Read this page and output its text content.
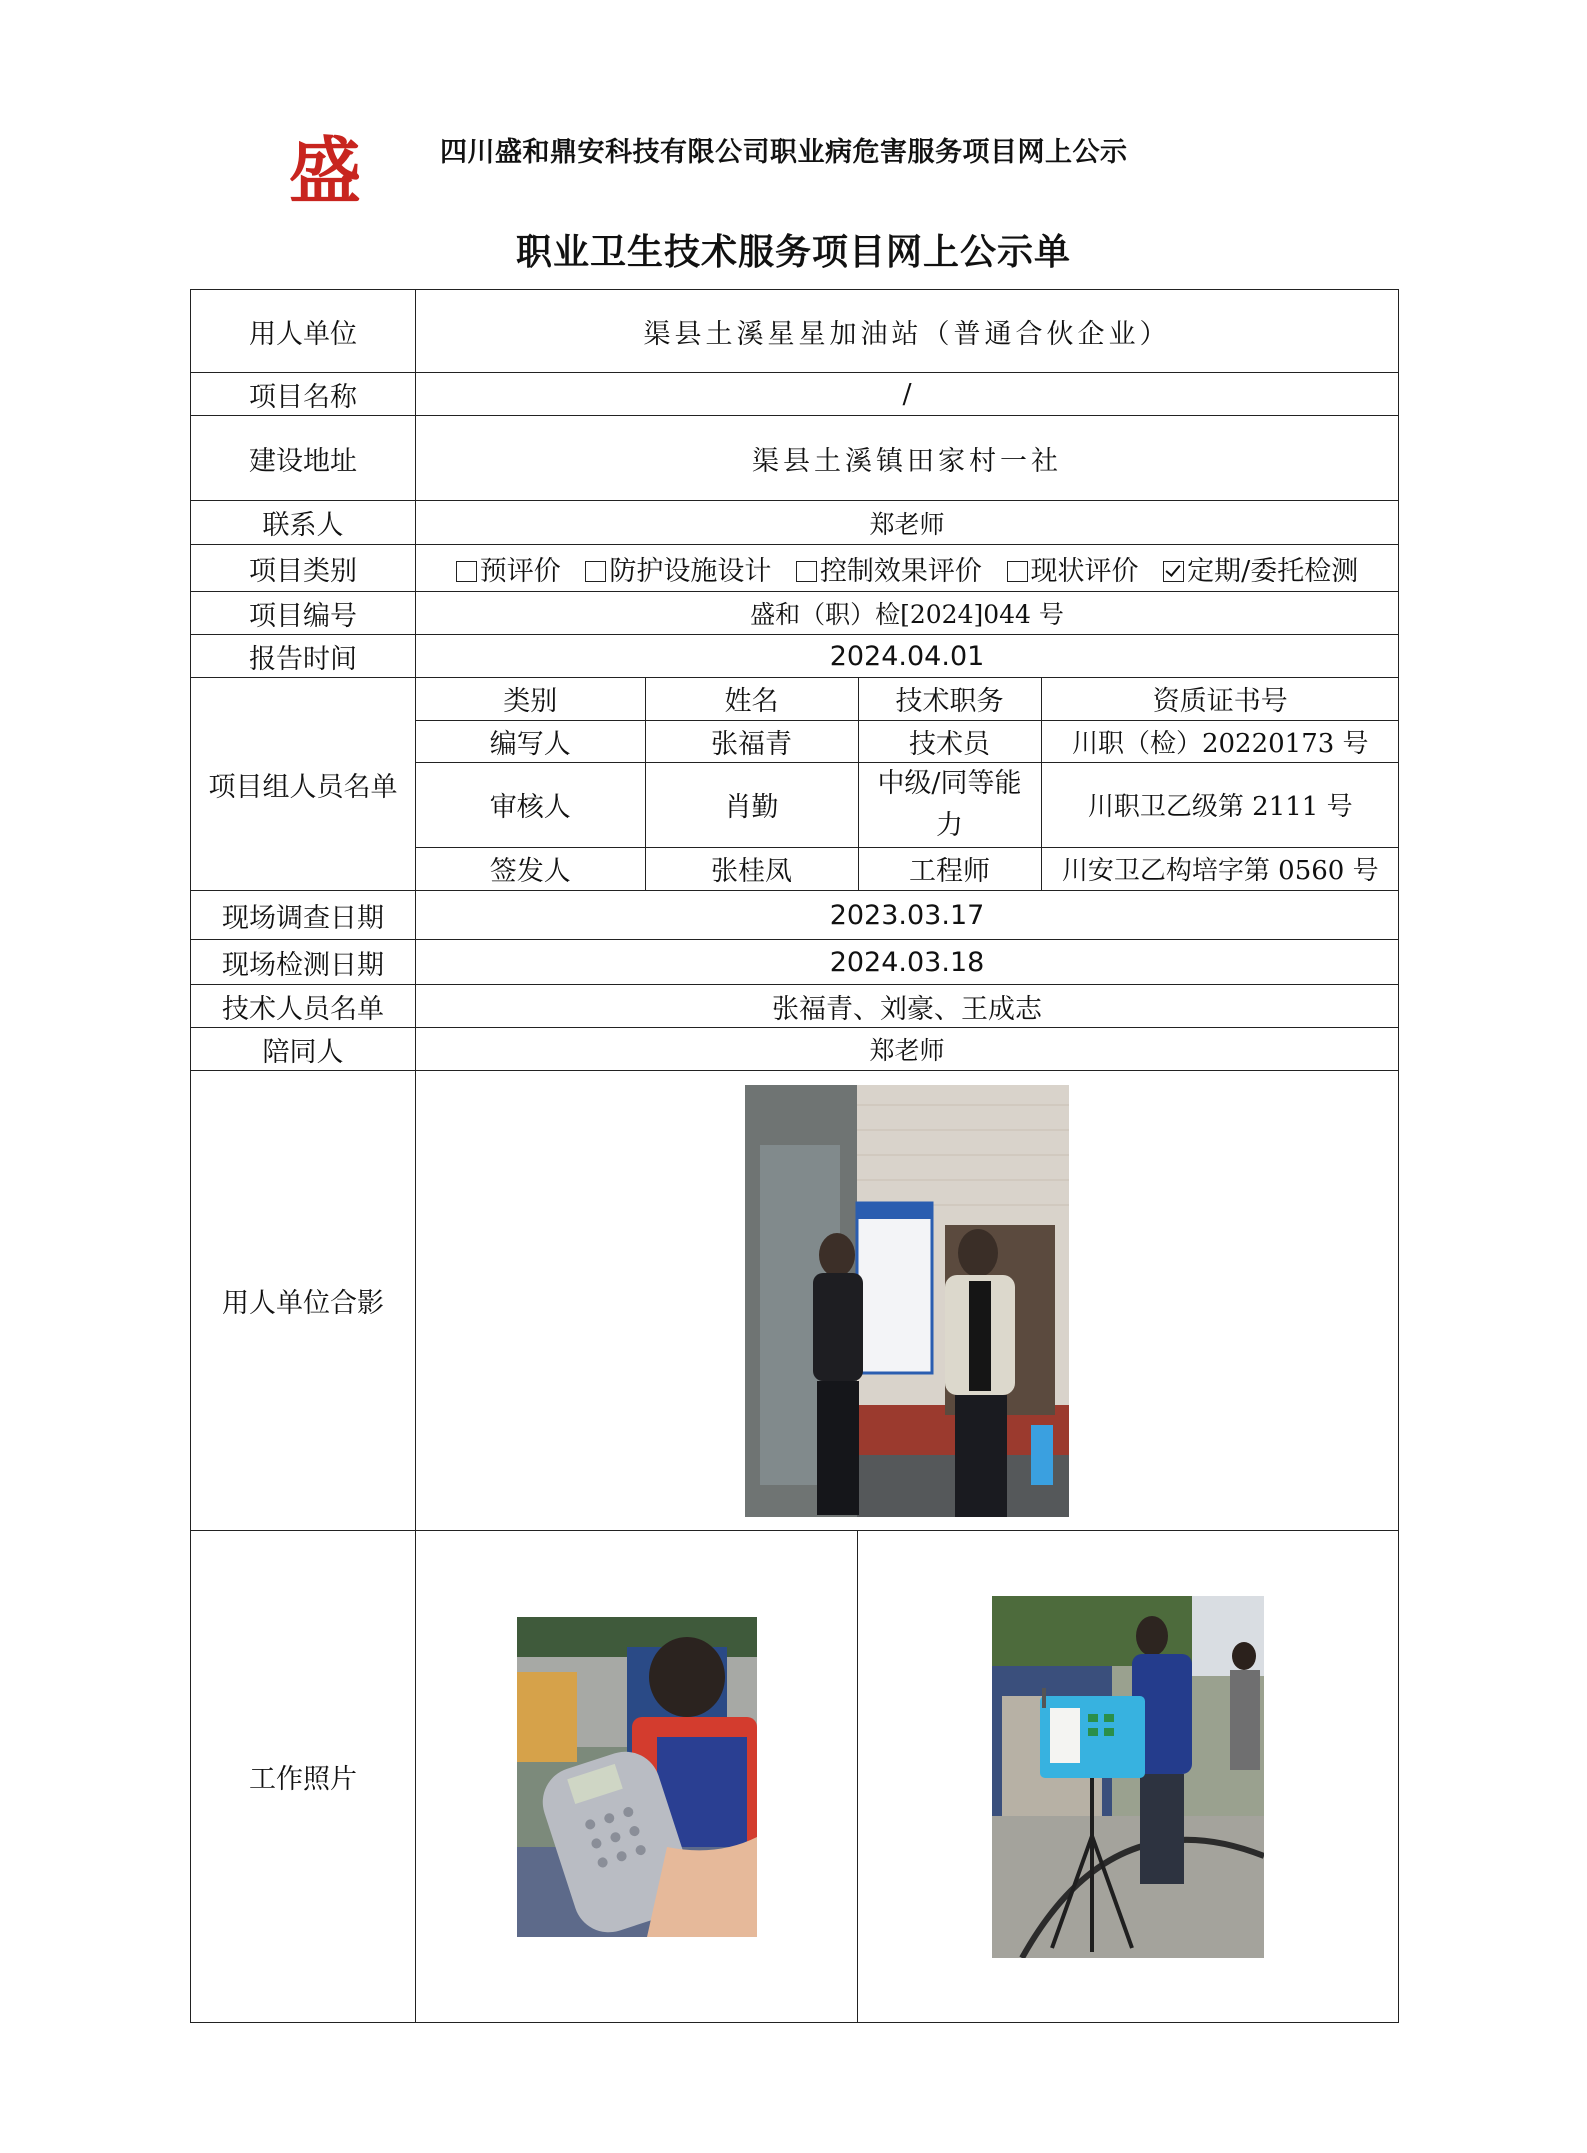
盛	四川盛和鼎安科技有限公司职业病危害服务项目网上公示
职业卫生技术服务项目网上公示单
用人单位	渠县土溪星星加油站（普通合伙企业）
项目名称	/
建设地址	渠县土溪镇田家村一社
联系人	郑老师
项目类别	预评价 防护设施设计 控制效果评价 现状评价 定期/委托检测
项目编号	盛和（职）检[2024]044 号
报告时间	2024.04.01
项目组人员名单	
类别	姓名	技术职务	资质证书号
编写人	张福青	技术员	川职（检）20220173 号
审核人	肖勤	中级/同等能力	川职卫乙级第 2111 号
签发人	张桂凤	工程师	川安卫乙构培字第 0560 号

现场调查日期	2023.03.17
现场检测日期	2024.03.18
技术人员名单	张福青、刘豪、王成志
陪同人	郑老师
用人单位合影	
工作照片		
